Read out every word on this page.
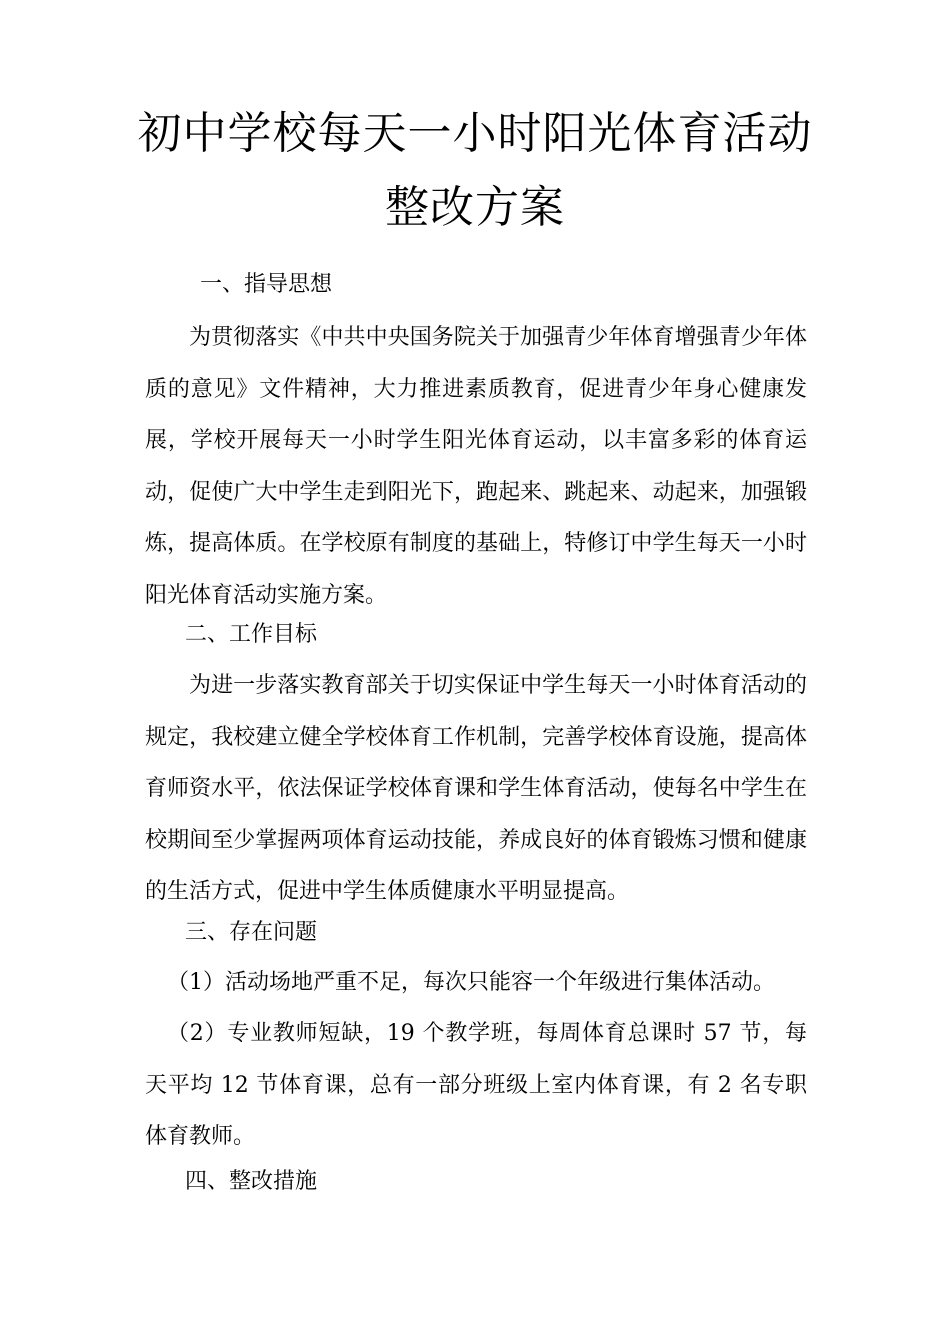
初中学校每天一小时阳光体育活动
整改方案
一、指导思想

为贯彻落实《中共中央国务院关于加强青少年体育增强青少年体质的意见》文件精神，大力推进素质教育，促进青少年身心健康发展，学校开展每天一小时学生阳光体育运动，以丰富多彩的体育运动，促使广大中学生走到阳光下，跑起来、跳起来、动起来，加强锻炼，提高体质。在学校原有制度的基础上，特修订中学生每天一小时阳光体育活动实施方案。

二、工作目标

为进一步落实教育部关于切实保证中学生每天一小时体育活动的规定，我校建立健全学校体育工作机制，完善学校体育设施，提高体育师资水平，依法保证学校体育课和学生体育活动，使每名中学生在校期间至少掌握两项体育运动技能，养成良好的体育锻炼习惯和健康的生活方式，促进中学生体质健康水平明显提高。

三、存在问题

（1）活动场地严重不足，每次只能容一个年级进行集体活动。

（2）专业教师短缺，19 个教学班，每周体育总课时 57 节，每天平均 12 节体育课，总有一部分班级上室内体育课，有 2 名专职体育教师。

四、整改措施
